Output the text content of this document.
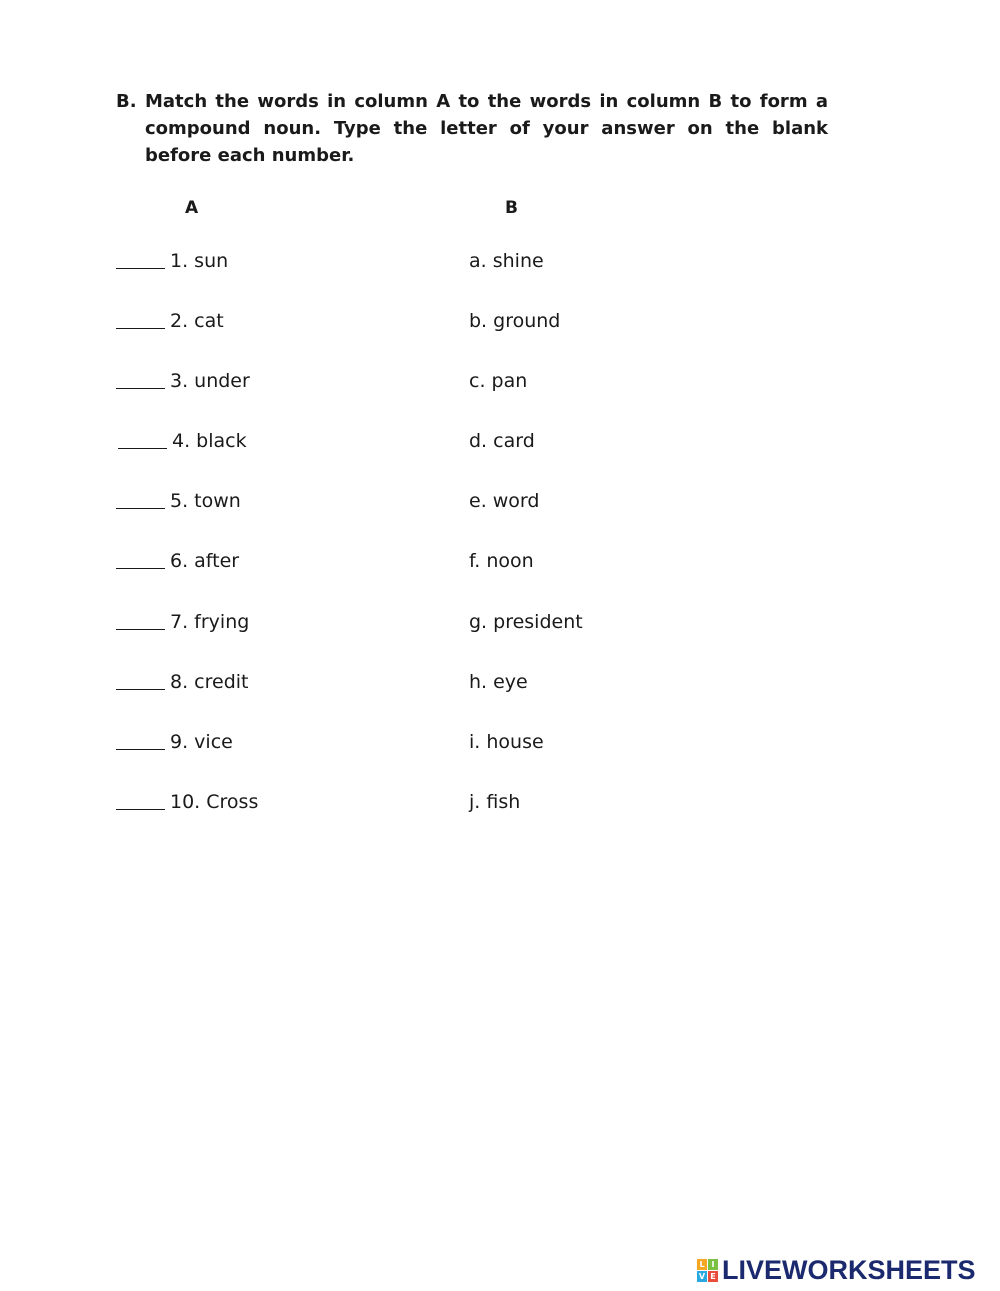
B. Match the words in column A to the words in column B to form a compound noun. Type the letter of your answer on the blank before each number.
A	B
1. sun	a. shine
2. cat	b. ground
3. under	c. pan
4. black	d. card
5. town	e. word
6. after	f. noon
7. frying	g. president
8. credit	h. eye
9. vice	i. house
10. Cross	j. fish
L I
V E LIVEWORKSHEETS
